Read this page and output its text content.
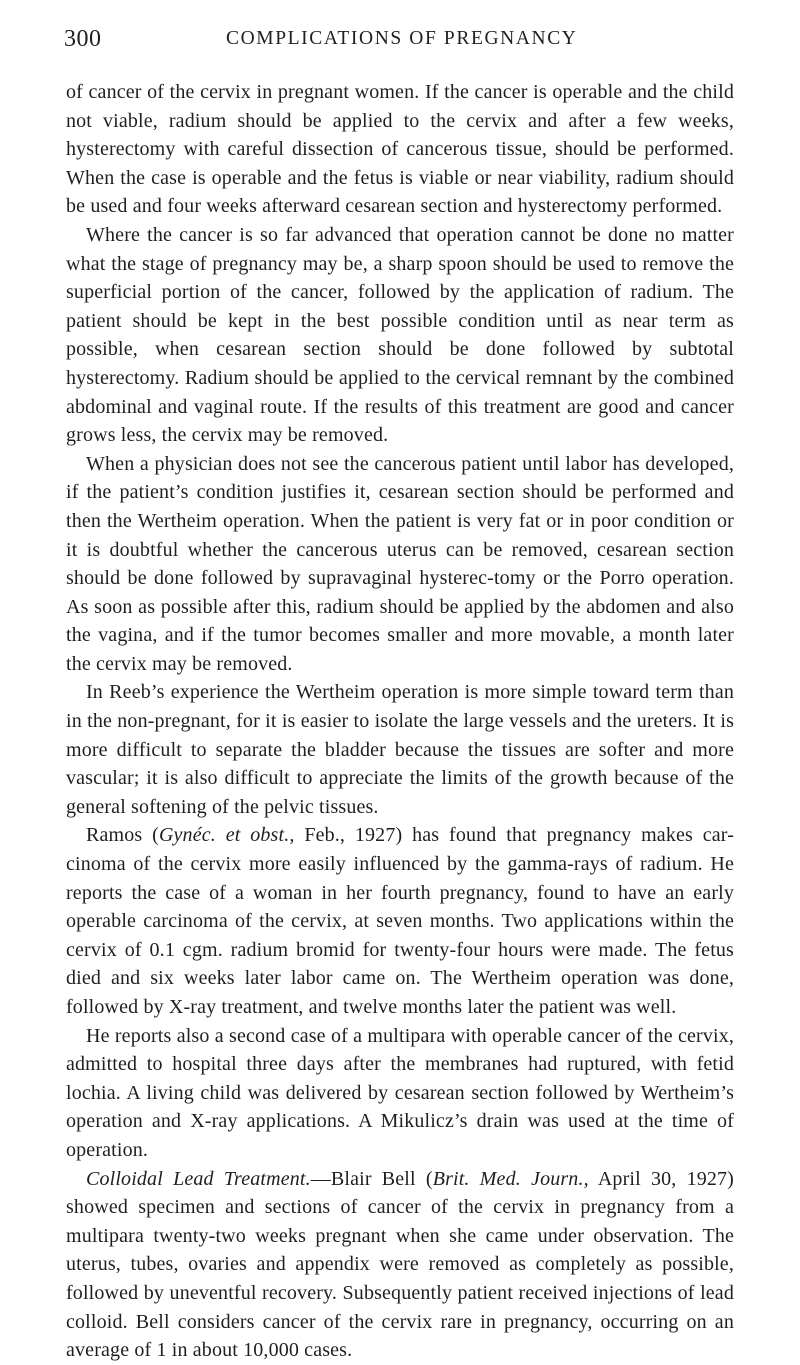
300	COMPLICATIONS OF PREGNANCY

of cancer of the cervix in pregnant women. If the cancer is operable and the child not viable, radium should be applied to the cervix and after a few weeks, hysterectomy with careful dissection of cancerous tissue, should be performed. When the case is operable and the fetus is viable or near viability, radium should be used and four weeks afterward cesarean section and hysterectomy performed.

Where the cancer is so far advanced that operation cannot be done no matter what the stage of pregnancy may be, a sharp spoon should be used to remove the superficial portion of the cancer, followed by the application of radium. The patient should be kept in the best possible condition until as near term as possible, when cesarean section should be done followed by subtotal hysterectomy. Radium should be applied to the cervical remnant by the combined abdominal and vaginal route. If the results of this treatment are good and cancer grows less, the cervix may be removed.

When a physician does not see the cancerous patient until labor has developed, if the patient’s condition justifies it, cesarean section should be performed and then the Wertheim operation. When the patient is very fat or in poor condition or it is doubtful whether the cancerous uterus can be removed, cesarean section should be done followed by supravaginal hysterec-tomy or the Porro operation. As soon as possible after this, radium should be applied by the abdomen and also the vagina, and if the tumor becomes smaller and more movable, a month later the cervix may be removed.

In Reeb’s experience the Wertheim operation is more simple toward term than in the non-pregnant, for it is easier to isolate the large vessels and the ureters. It is more difficult to separate the bladder because the tissues are softer and more vascular; it is also difficult to appreciate the limits of the growth because of the general softening of the pelvic tissues.

Ramos (Gynéc. et obst., Feb., 1927) has found that pregnancy makes car-cinoma of the cervix more easily influenced by the gamma-rays of radium. He reports the case of a woman in her fourth pregnancy, found to have an early operable carcinoma of the cervix, at seven months. Two applications within the cervix of 0.1 cgm. radium bromid for twenty-four hours were made. The fetus died and six weeks later labor came on. The Wertheim operation was done, followed by X-ray treatment, and twelve months later the patient was well.

He reports also a second case of a multipara with operable cancer of the cervix, admitted to hospital three days after the membranes had ruptured, with fetid lochia. A living child was delivered by cesarean section followed by Wertheim’s operation and X-ray applications. A Mikulicz’s drain was used at the time of operation.

Colloidal Lead Treatment.—Blair Bell (Brit. Med. Journ., April 30, 1927) showed specimen and sections of cancer of the cervix in pregnancy from a multipara twenty-two weeks pregnant when she came under observation. The uterus, tubes, ovaries and appendix were removed as completely as possible, followed by uneventful recovery. Subsequently patient received injections of lead colloid. Bell considers cancer of the cervix rare in pregnancy, occurring on an average of 1 in about 10,000 cases.
